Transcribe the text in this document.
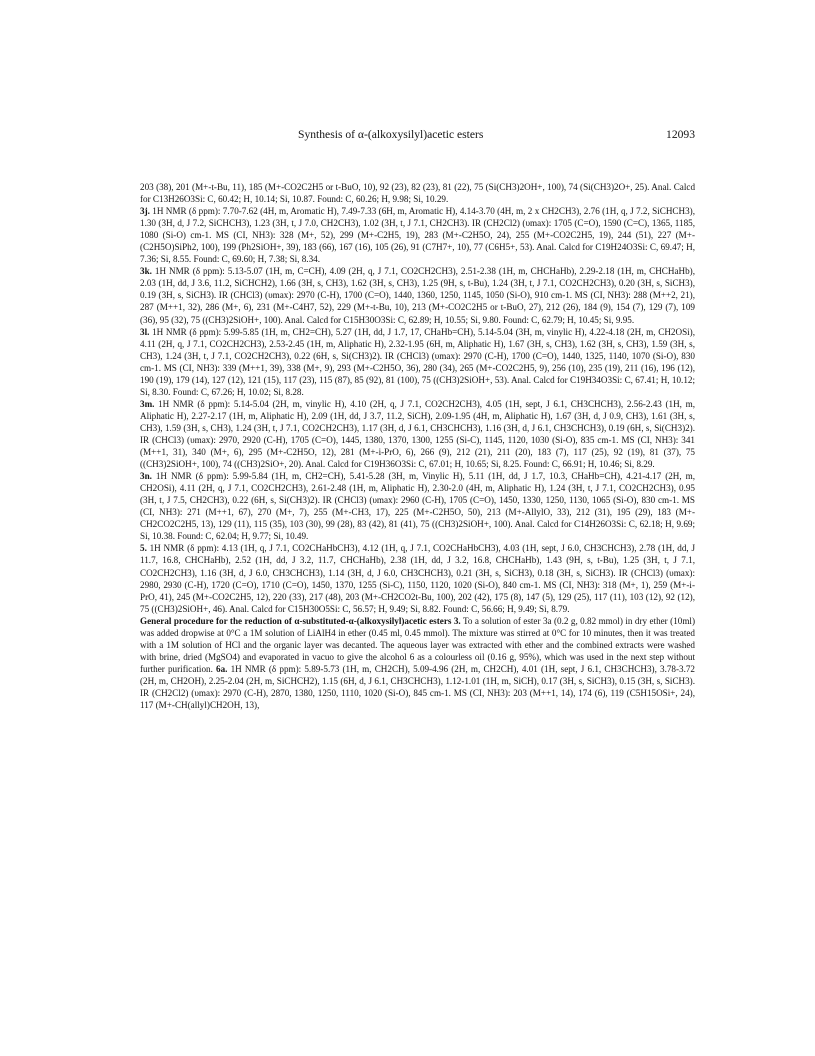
Synthesis of α-(alkoxysilyl)acetic esters	12093

203 (38), 201 (M+-t-Bu, 11), 185 (M+-CO2C2H5 or t-BuO, 10), 92 (23), 82 (23), 81 (22), 75 (Si(CH3)2OH+, 100), 74 (Si(CH3)2O+, 25). Anal. Calcd for C13H26O3Si: C, 60.42; H, 10.14; Si, 10.87. Found: C, 60.26; H, 9.98; Si, 10.29.

3j. 1H NMR (δ ppm): 7.70-7.62 (4H, m, Aromatic H), 7.49-7.33 (6H, m, Aromatic H), 4.14-3.70 (4H, m, 2 x CH2CH3), 2.76 (1H, q, J 7.2, SiCHCH3), 1.30 (3H, d, J 7.2, SiCHCH3), 1.23 (3H, t, J 7.0, CH2CH3), 1.02 (3H, t, J 7.1, CH2CH3). IR (CH2Cl2) (υmax): 1705 (C=O), 1590 (C=C), 1365, 1185, 1080 (Si-O) cm-1. MS (CI, NH3): 328 (M+, 52), 299 (M+-C2H5, 19), 283 (M+-C2H5O, 24), 255 (M+-CO2C2H5, 19), 244 (51), 227 (M+-(C2H5O)SiPh2, 100), 199 (Ph2SiOH+, 39), 183 (66), 167 (16), 105 (26), 91 (C7H7+, 10), 77 (C6H5+, 53). Anal. Calcd for C19H24O3Si: C, 69.47; H, 7.36; Si, 8.55. Found: C, 69.60; H, 7.38; Si, 8.34.

3k. 1H NMR (δ ppm): 5.13-5.07 (1H, m, C=CH), 4.09 (2H, q, J 7.1, CO2CH2CH3), 2.51-2.38 (1H, m, CHCHaHb), 2.29-2.18 (1H, m, CHCHaHb), 2.03 (1H, dd, J 3.6, 11.2, SiCHCH2), 1.66 (3H, s, CH3), 1.62 (3H, s, CH3), 1.25 (9H, s, t-Bu), 1.24 (3H, t, J 7.1, CO2CH2CH3), 0.20 (3H, s, SiCH3), 0.19 (3H, s, SiCH3). IR (CHCl3) (υmax): 2970 (C-H), 1700 (C=O), 1440, 1360, 1250, 1145, 1050 (Si-O), 910 cm-1. MS (CI, NH3): 288 (M++2, 21), 287 (M++1, 32), 286 (M+, 6), 231 (M+-C4H7, 52), 229 (M+-t-Bu, 10), 213 (M+-CO2C2H5 or t-BuO, 27), 212 (26), 184 (9), 154 (7), 129 (7), 109 (36), 95 (32), 75 ((CH3)2SiOH+, 100). Anal. Calcd for C15H30O3Si: C, 62.89; H, 10.55; Si, 9.80. Found: C, 62.79; H, 10.45; Si, 9.95.

3l. 1H NMR (δ ppm): 5.99-5.85 (1H, m, CH2=CH), 5.27 (1H, dd, J 1.7, 17, CHaHb=CH), 5.14-5.04 (3H, m, vinylic H), 4.22-4.18 (2H, m, CH2OSi), 4.11 (2H, q, J 7.1, CO2CH2CH3), 2.53-2.45 (1H, m, Aliphatic H), 2.32-1.95 (6H, m, Aliphatic H), 1.67 (3H, s, CH3), 1.62 (3H, s, CH3), 1.59 (3H, s, CH3), 1.24 (3H, t, J 7.1, CO2CH2CH3), 0.22 (6H, s, Si(CH3)2). IR (CHCl3) (υmax): 2970 (C-H), 1700 (C=O), 1440, 1325, 1140, 1070 (Si-O), 830 cm-1. MS (CI, NH3): 339 (M++1, 39), 338 (M+, 9), 293 (M+-C2H5O, 36), 280 (34), 265 (M+-CO2C2H5, 9), 256 (10), 235 (19), 211 (16), 196 (12), 190 (19), 179 (14), 127 (12), 121 (15), 117 (23), 115 (87), 85 (92), 81 (100), 75 ((CH3)2SiOH+, 53). Anal. Calcd for C19H34O3Si: C, 67.41; H, 10.12; Si, 8.30. Found: C, 67.26; H, 10.02; Si, 8.28.

3m. 1H NMR (δ ppm): 5.14-5.04 (2H, m, vinylic H), 4.10 (2H, q, J 7.1, CO2CH2CH3), 4.05 (1H, sept, J 6.1, CH3CHCH3), 2.56-2.43 (1H, m, Aliphatic H), 2.27-2.17 (1H, m, Aliphatic H), 2.09 (1H, dd, J 3.7, 11.2, SiCH), 2.09-1.95 (4H, m, Aliphatic H), 1.67 (3H, d, J 0.9, CH3), 1.61 (3H, s, CH3), 1.59 (3H, s, CH3), 1.24 (3H, t, J 7.1, CO2CH2CH3), 1.17 (3H, d, J 6.1, CH3CHCH3), 1.16 (3H, d, J 6.1, CH3CHCH3), 0.19 (6H, s, Si(CH3)2). IR (CHCl3) (υmax): 2970, 2920 (C-H), 1705 (C=O), 1445, 1380, 1370, 1300, 1255 (Si-C), 1145, 1120, 1030 (Si-O), 835 cm-1. MS (CI, NH3): 341 (M++1, 31), 340 (M+, 6), 295 (M+-C2H5O, 12), 281 (M+-i-PrO, 6), 266 (9), 212 (21), 211 (20), 183 (7), 117 (25), 92 (19), 81 (37), 75 ((CH3)2SiOH+, 100), 74 ((CH3)2SiO+, 20). Anal. Calcd for C19H36O3Si: C, 67.01; H, 10.65; Si, 8.25. Found: C, 66.91; H, 10.46; Si, 8.29.

3n. 1H NMR (δ ppm): 5.99-5.84 (1H, m, CH2=CH), 5.41-5.28 (3H, m, Vinylic H), 5.11 (1H, dd, J 1.7, 10.3, CHaHb=CH), 4.21-4.17 (2H, m, CH2OSi), 4.11 (2H, q, J 7.1, CO2CH2CH3), 2.61-2.48 (1H, m, Aliphatic H), 2.30-2.0 (4H, m, Aliphatic H), 1.24 (3H, t, J 7.1, CO2CH2CH3), 0.95 (3H, t, J 7.5, CH2CH3), 0.22 (6H, s, Si(CH3)2). IR (CHCl3) (υmax): 2960 (C-H), 1705 (C=O), 1450, 1330, 1250, 1130, 1065 (Si-O), 830 cm-1. MS (CI, NH3): 271 (M++1, 67), 270 (M+, 7), 255 (M+-CH3, 17), 225 (M+-C2H5O, 50), 213 (M+-AllylO, 33), 212 (31), 195 (29), 183 (M+-CH2CO2C2H5, 13), 129 (11), 115 (35), 103 (30), 99 (28), 83 (42), 81 (41), 75 ((CH3)2SiOH+, 100). Anal. Calcd for C14H26O3Si: C, 62.18; H, 9.69; Si, 10.38. Found: C, 62.04; H, 9.77; Si, 10.49.

5. 1H NMR (δ ppm): 4.13 (1H, q, J 7.1, CO2CHaHbCH3), 4.12 (1H, q, J 7.1, CO2CHaHbCH3), 4.03 (1H, sept, J 6.0, CH3CHCH3), 2.78 (1H, dd, J 11.7, 16.8, CHCHaHb), 2.52 (1H, dd, J 3.2, 11.7, CHCHaHb), 2.38 (1H, dd, J 3.2, 16.8, CHCHaHb), 1.43 (9H, s, t-Bu), 1.25 (3H, t, J 7.1, CO2CH2CH3), 1.16 (3H, d, J 6.0, CH3CHCH3), 1.14 (3H, d, J 6.0, CH3CHCH3), 0.21 (3H, s, SiCH3), 0.18 (3H, s, SiCH3). IR (CHCl3) (υmax): 2980, 2930 (C-H), 1720 (C=O), 1710 (C=O), 1450, 1370, 1255 (Si-C), 1150, 1120, 1020 (Si-O), 840 cm-1. MS (CI, NH3): 318 (M+, 1), 259 (M+-i-PrO, 41), 245 (M+-CO2C2H5, 12), 220 (33), 217 (48), 203 (M+-CH2CO2t-Bu, 100), 202 (42), 175 (8), 147 (5), 129 (25), 117 (11), 103 (12), 92 (12), 75 ((CH3)2SiOH+, 46). Anal. Calcd for C15H30O5Si: C, 56.57; H, 9.49; Si, 8.82. Found: C, 56.66; H, 9.49; Si, 8.79.

General procedure for the reduction of α-substituted-α-(alkoxysilyl)acetic esters 3. To a solution of ester 3a (0.2 g, 0.82 mmol) in dry ether (10ml) was added dropwise at 0°C a 1M solution of LiAlH4 in ether (0.45 ml, 0.45 mmol). The mixture was stirred at 0°C for 10 minutes, then it was treated with a 1M solution of HCl and the organic layer was decanted. The aqueous layer was extracted with ether and the combined extracts were washed with brine, dried (MgSO4) and evaporated in vacuo to give the alcohol 6 as a colourless oil (0.16 g, 95%), which was used in the next step without further purification. 6a. 1H NMR (δ ppm): 5.89-5.73 (1H, m, CH2CH), 5.09-4.96 (2H, m, CH2CH), 4.01 (1H, sept, J 6.1, CH3CHCH3), 3.78-3.72 (2H, m, CH2OH), 2.25-2.04 (2H, m, SiCHCH2), 1.15 (6H, d, J 6.1, CH3CHCH3), 1.12-1.01 (1H, m, SiCH), 0.17 (3H, s, SiCH3), 0.15 (3H, s, SiCH3). IR (CH2Cl2) (υmax): 2970 (C-H), 2870, 1380, 1250, 1110, 1020 (Si-O), 845 cm-1. MS (CI, NH3): 203 (M++1, 14), 174 (6), 119 (C5H15OSi+, 24), 117 (M+-CH(allyl)CH2OH, 13),
